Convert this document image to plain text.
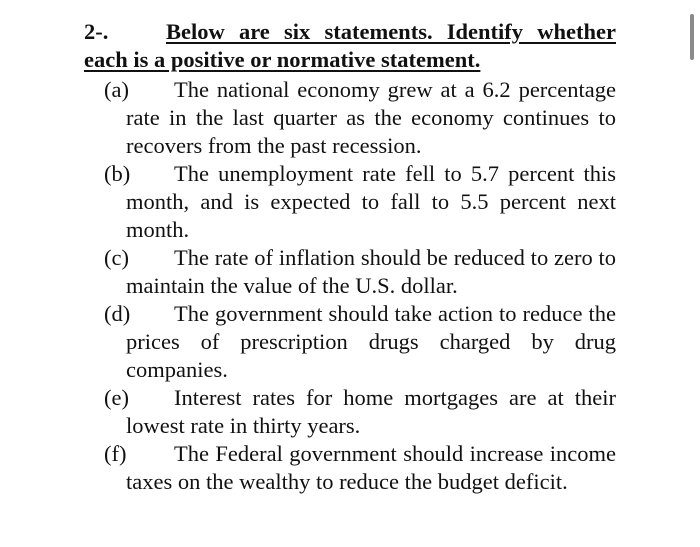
2-.	Below are six statements. Identify whether each is a positive or normative statement.
(a) The national economy grew at a 6.2 percentage rate in the last quarter as the economy continues to recovers from the past recession.
(b) The unemployment rate fell to 5.7 percent this month, and is expected to fall to 5.5 percent next month.
(c) The rate of inflation should be reduced to zero to maintain the value of the U.S. dollar.
(d) The government should take action to reduce the prices of prescription drugs charged by drug companies.
(e) Interest rates for home mortgages are at their lowest rate in thirty years.
(f) The Federal government should increase income taxes on the wealthy to reduce the budget deficit.
